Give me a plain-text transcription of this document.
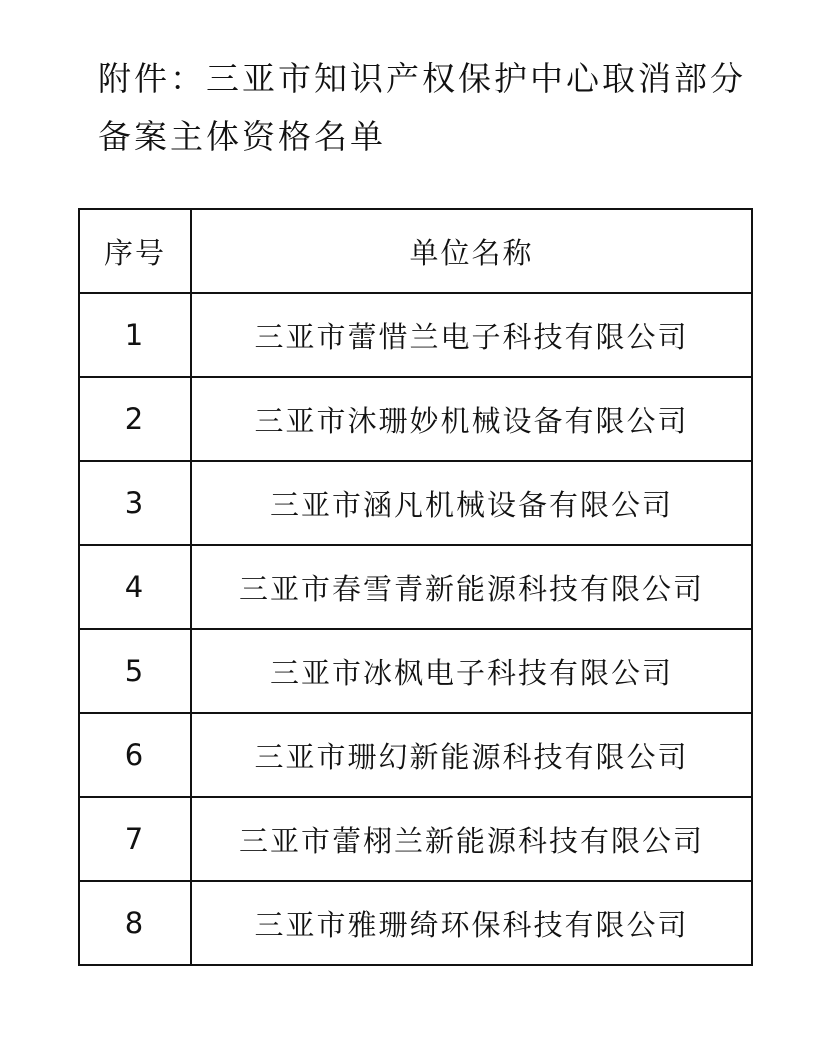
附件：三亚市知识产权保护中心取消部分备案主体资格名单
序号	单位名称
1	三亚市蕾惜兰电子科技有限公司
2	三亚市沐珊妙机械设备有限公司
3	三亚市涵凡机械设备有限公司
4	三亚市春雪青新能源科技有限公司
5	三亚市冰枫电子科技有限公司
6	三亚市珊幻新能源科技有限公司
7	三亚市蕾栩兰新能源科技有限公司
8	三亚市雅珊绮环保科技有限公司
